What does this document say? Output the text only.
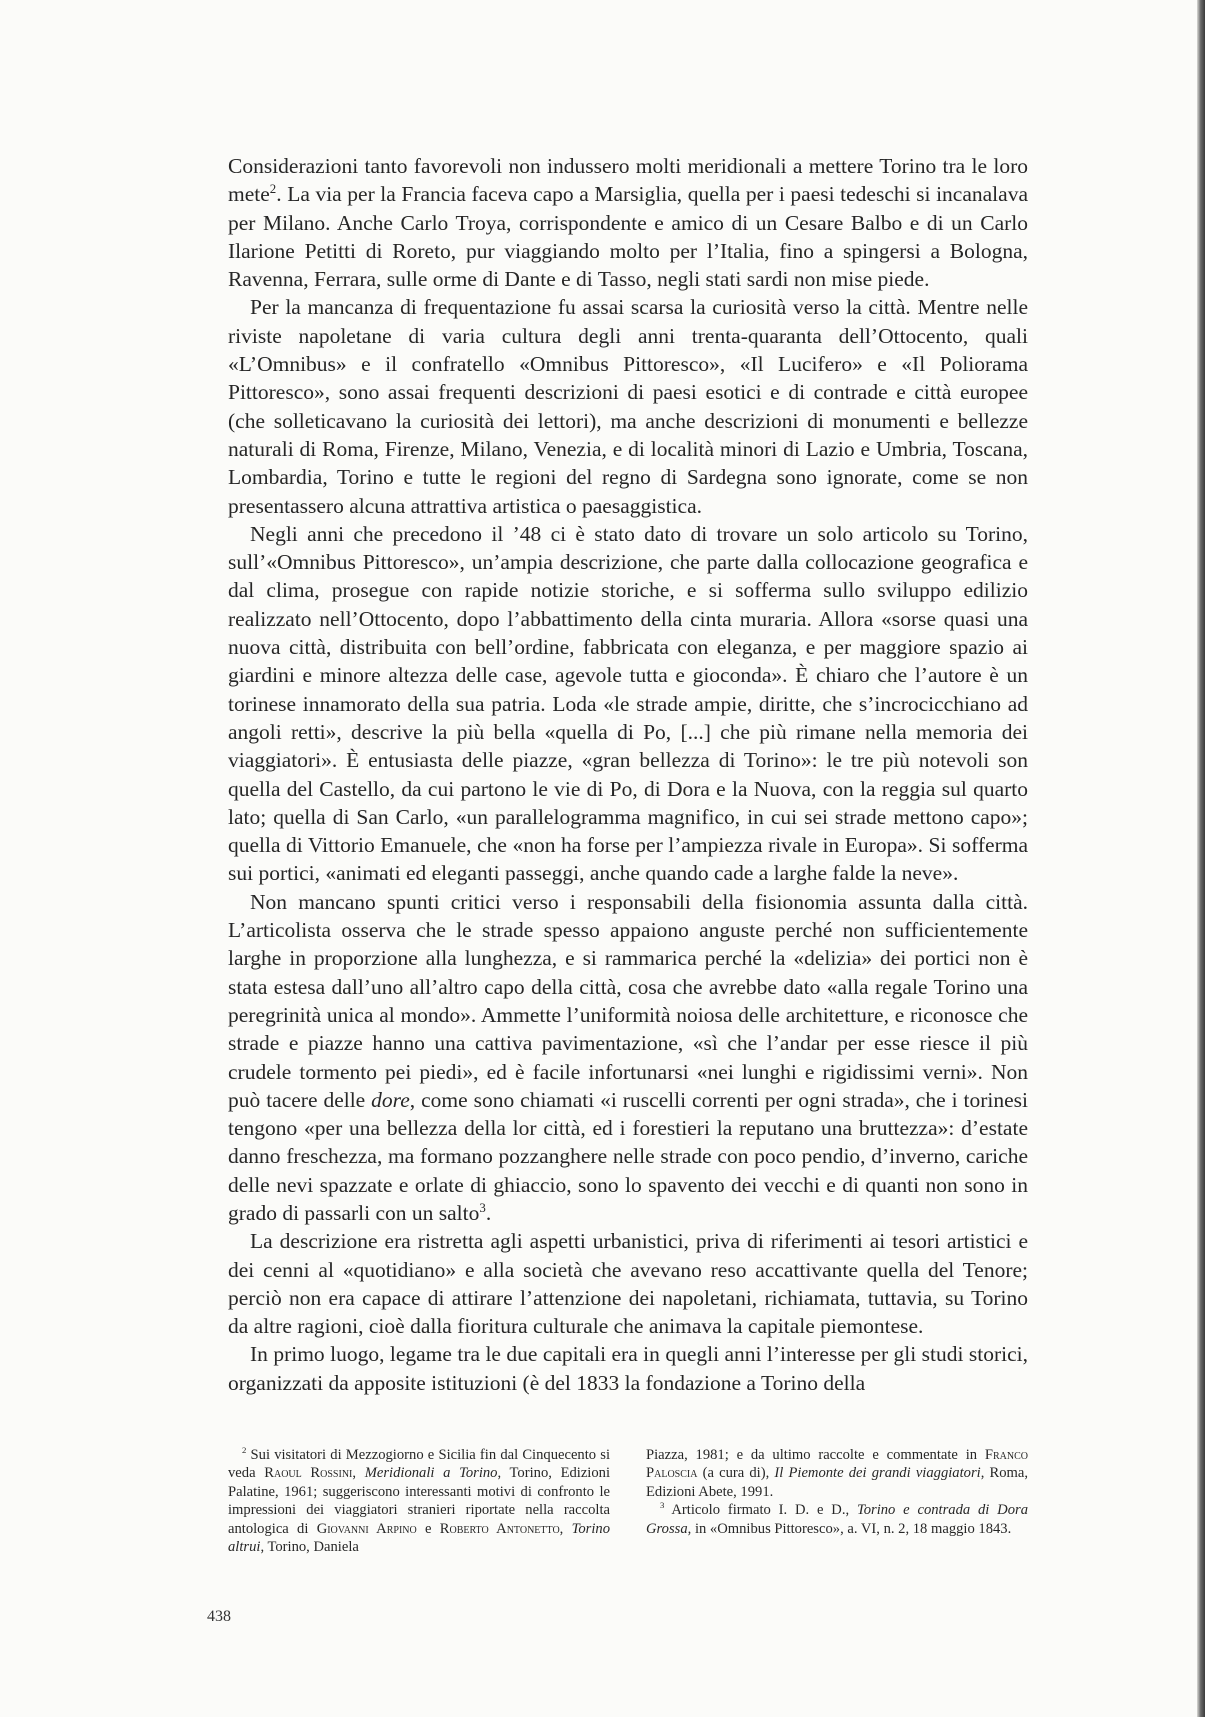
Considerazioni tanto favorevoli non indussero molti meridionali a mettere Torino tra le loro mete$^2$. La via per la Francia faceva capo a Marsiglia, quella per i paesi tedeschi si incanalava per Milano. Anche Carlo Troya, corrispondente e amico di un Cesare Balbo e di un Carlo Ilarione Petitti di Roreto, pur viaggiando molto per l’Italia, fino a spingersi a Bologna, Ravenna, Ferrara, sulle orme di Dante e di Tasso, negli stati sardi non mise piede.

Per la mancanza di frequentazione fu assai scarsa la curiosità verso la città. Mentre nelle riviste napoletane di varia cultura degli anni trenta-quaranta dell’Ottocento, quali «L’Omnibus» e il confratello «Omnibus Pittoresco», «Il Lucifero» e «Il Poliorama Pittoresco», sono assai frequenti descrizioni di paesi esotici e di contrade e città europee (che solleticavano la curiosità dei lettori), ma anche descrizioni di monumenti e bellezze naturali di Roma, Firenze, Milano, Venezia, e di località minori di Lazio e Umbria, Toscana, Lombardia, Torino e tutte le regioni del regno di Sardegna sono ignorate, come se non presentassero alcuna attrattiva artistica o paesaggistica.

Negli anni che precedono il ’48 ci è stato dato di trovare un solo articolo su Torino, sull’«Omnibus Pittoresco», un’ampia descrizione, che parte dalla collocazione geografica e dal clima, prosegue con rapide notizie storiche, e si sofferma sullo sviluppo edilizio realizzato nell’Ottocento, dopo l’abbattimento della cinta muraria. Allora «sorse quasi una nuova città, distribuita con bell’ordine, fabbricata con eleganza, e per maggiore spazio ai giardini e minore altezza delle case, agevole tutta e gioconda». È chiaro che l’autore è un torinese innamorato della sua patria. Loda «le strade ampie, diritte, che s’incrocicchiano ad angoli retti», descrive la più bella «quella di Po, [...] che più rimane nella memoria dei viaggiatori». È entusiasta delle piazze, «gran bellezza di Torino»: le tre più notevoli son quella del Castello, da cui partono le vie di Po, di Dora e la Nuova, con la reggia sul quarto lato; quella di San Carlo, «un parallelogramma magnifico, in cui sei strade mettono capo»; quella di Vittorio Emanuele, che «non ha forse per l’ampiezza rivale in Europa». Si sofferma sui portici, «animati ed eleganti passeggi, anche quando cade a larghe falde la neve».

Non mancano spunti critici verso i responsabili della fisionomia assunta dalla città. L’articolista osserva che le strade spesso appaiono anguste perché non sufficientemente larghe in proporzione alla lunghezza, e si rammarica perché la «delizia» dei portici non è stata estesa dall’uno all’altro capo della città, cosa che avrebbe dato «alla regale Torino una peregrinità unica al mondo». Ammette l’uniformità noiosa delle architetture, e riconosce che strade e piazze hanno una cattiva pavimentazione, «sì che l’andar per esse riesce il più crudele tormento pei piedi», ed è facile infortunarsi «nei lunghi e rigidissimi verni». Non può tacere delle dore, come sono chiamati «i ruscelli correnti per ogni strada», che i torinesi tengono «per una bellezza della lor città, ed i forestieri la reputano una bruttezza»: d’estate danno freschezza, ma formano pozzanghere nelle strade con poco pendio, d’inverno, cariche delle nevi spazzate e orlate di ghiaccio, sono lo spavento dei vecchi e di quanti non sono in grado di passarli con un salto$^3$.

La descrizione era ristretta agli aspetti urbanistici, priva di riferimenti ai tesori artistici e dei cenni al «quotidiano» e alla società che avevano reso accattivante quella del Tenore; perciò non era capace di attirare l’attenzione dei napoletani, richiamata, tuttavia, su Torino da altre ragioni, cioè dalla fioritura culturale che animava la capitale piemontese.

In primo luogo, legame tra le due capitali era in quegli anni l’interesse per gli studi storici, organizzati da apposite istituzioni (è del 1833 la fondazione a Torino della

$^2$ Sui visitatori di Mezzogiorno e Sicilia fin dal Cinquecento si veda Raoul Rossini, Meridionali a Torino, Torino, Edizioni Palatine, 1961; suggeriscono interessanti motivi di confronto le impressioni dei viaggiatori stranieri riportate nella raccolta antologica di Giovanni Arpino e Roberto Antonetto, Torino altrui, Torino, Daniela

Piazza, 1981; e da ultimo raccolte e commentate in Franco Paloscia (a cura di), Il Piemonte dei grandi viaggiatori, Roma, Edizioni Abete, 1991.

$^3$ Articolo firmato I. D. e D., Torino e contrada di Dora Grossa, in «Omnibus Pittoresco», a. VI, n. 2, 18 maggio 1843.

438
